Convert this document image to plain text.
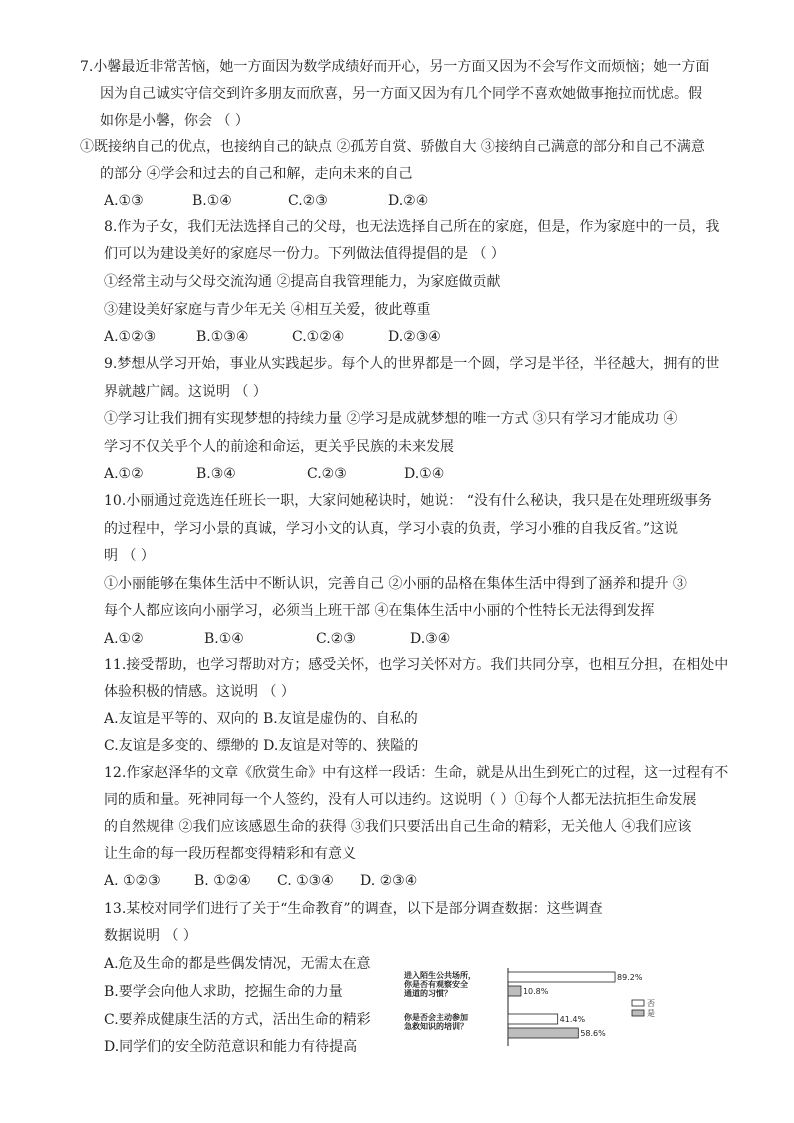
7.小馨最近非常苦恼，她一方面因为数学成绩好而开心，另一方面又因为不会写作文而烦恼；她一方面
因为自己诚实守信交到许多朋友而欣喜，另一方面又因为有几个同学不喜欢她做事拖拉而忧虑。假
如你是小馨，你会 （ ）
①既接纳自己的优点，也接纳自己的缺点 ②孤芳自赏、骄傲自大 ③接纳自己满意的部分和自己不满意
的部分 ④学会和过去的自己和解，走向未来的自己
A.①③	B.①④	C.②③	D.②④
8.作为子女，我们无法选择自己的父母，也无法选择自己所在的家庭，但是，作为家庭中的一员，我
们可以为建设美好的家庭尽一份力。下列做法值得提倡的是 （ ）
①经常主动与父母交流沟通 ②提高自我管理能力，为家庭做贡献
③建设美好家庭与青少年无关 ④相互关爱，彼此尊重
A.①②③	B.①③④	C.①②④	D.②③④
9.梦想从学习开始，事业从实践起步。每个人的世界都是一个圆，学习是半径，半径越大，拥有的世
界就越广阔。这说明 （ ）
①学习让我们拥有实现梦想的持续力量 ②学习是成就梦想的唯一方式 ③只有学习才能成功 ④
学习不仅关乎个人的前途和命运，更关乎民族的未来发展
A.①②	B.③④	C.②③	D.①④
10.小丽通过竞选连任班长一职，大家问她秘诀时，她说： “没有什么秘诀，我只是在处理班级事务
的过程中，学习小景的真诚，学习小文的认真，学习小袁的负责，学习小雅的自我反省。”这说
明 （ ）
①小丽能够在集体生活中不断认识，完善自己 ②小丽的品格在集体生活中得到了涵养和提升 ③
每个人都应该向小丽学习，必须当上班干部 ④在集体生活中小丽的个性特长无法得到发挥
A.①②	B.①④	C.②③	D.③④
11.接受帮助，也学习帮助对方；感受关怀，也学习关怀对方。我们共同分享，也相互分担，在相处中
体验积极的情感。这说明 （ ）
A.友谊是平等的、双向的 B.友谊是虚伪的、自私的
C.友谊是多变的、缥缈的 D.友谊是对等的、狭隘的
12.作家赵泽华的文章《欣赏生命》中有这样一段话：生命，就是从出生到死亡的过程，这一过程有不
同的质和量。死神同每一个人签约，没有人可以违约。这说明（ ）①每个人都无法抗拒生命发展
的自然规律 ②我们应该感恩生命的获得 ③我们只要活出自己生命的精彩，无关他人 ④我们应该
让生命的每一段历程都变得精彩和有意义
A. ①②③ B. ①②④ C. ①③④ D. ②③④
13.某校对同学们进行了关于“生命教育”的调查，以下是部分调查数据：这些调查
数据说明 （ ）
A.危及生命的都是些偶发情况，无需太在意
B.要学会向他人求助，挖掘生命的力量
C.要养成健康生活的方式，活出生命的精彩
D.同学们的安全防范意识和能力有待提高
进入陌生公共场所，
你是否有观察安全
通道的习惯？
89.2%
10.8%
你是否会主动参加
急救知识的培训？
41.4%
58.6%
否
是
